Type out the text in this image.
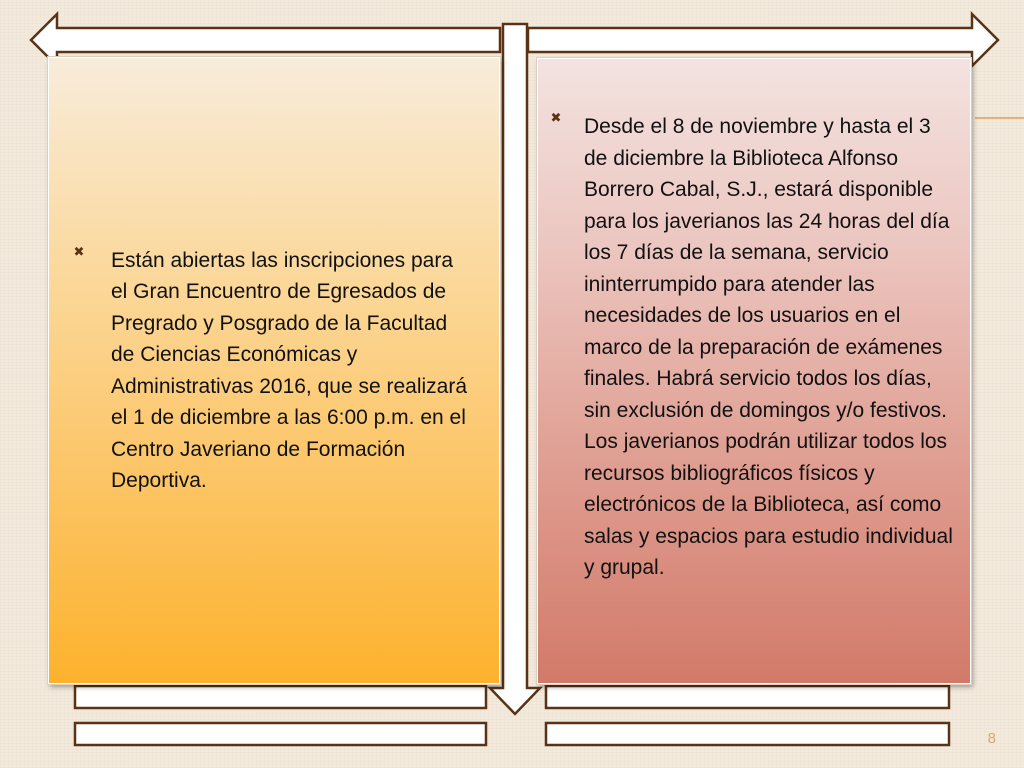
✖ Están abiertas las inscripciones para el Gran Encuentro de Egresados de Pregrado y Posgrado de la Facultad de Ciencias Económicas y Administrativas 2016, que se realizará el 1 de diciembre a las 6:00 p.m. en el Centro Javeriano de Formación Deportiva.

✖ Desde el 8 de noviembre y hasta el 3 de diciembre la Biblioteca Alfonso Borrero Cabal, S.J., estará disponible para los javerianos las 24 horas del día los 7 días de la semana, servicio ininterrumpido para atender las necesidades de los usuarios en el marco de la preparación de exámenes finales. Habrá servicio todos los días, sin exclusión de domingos y/o festivos. Los javerianos podrán utilizar todos los recursos bibliográficos físicos y electrónicos de la Biblioteca, así como salas y espacios para estudio individual y grupal.

8
